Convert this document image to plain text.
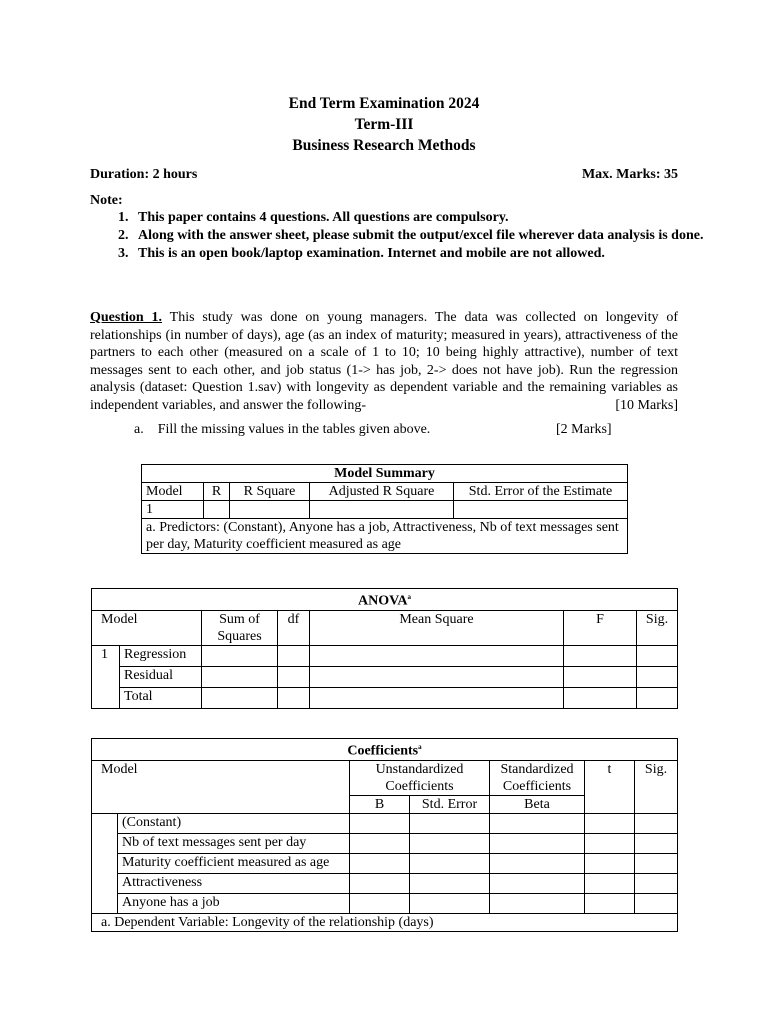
End Term Examination 2024
Term-III
Business Research Methods
Duration: 2 hours	Max. Marks: 35
Note:
1. This paper contains 4 questions. All questions are compulsory.
2. Along with the answer sheet, please submit the output/excel file wherever data analysis is done.
3. This is an open book/laptop examination. Internet and mobile are not allowed.
Question 1. This study was done on young managers. The data was collected on longevity of relationships (in number of days), age (as an index of maturity; measured in years), attractiveness of the partners to each other (measured on a scale of 1 to 10; 10 being highly attractive), number of text messages sent to each other, and job status (1-> has job, 2-> does not have job). Run the regression analysis (dataset: Question 1.sav) with longevity as dependent variable and the remaining variables as independent variables, and answer the following-	[10 Marks]
a. Fill the missing values in the tables given above.	[2 Marks]
Model Summary				
Model	R	R Square	Adjusted R Square	Std. Error of the Estimate
1				
a. Predictors: (Constant), Anyone has a job, Attractiveness, Nb of text messages sent per day, Maturity coefficient measured as age				
ANOVA$^a$
Model		Sum of Squares	df	Mean Square	F	Sig.
1	Regression					
	Residual					
	Total					
Coefficients$^a$
Model		Unstandardized Coefficients		Standardized Coefficients	t	Sig.
		B	Std. Error	Beta		
	(Constant)					
	Nb of text messages sent per day					
	Maturity coefficient measured as age					
	Attractiveness					
	Anyone has a job					
a. Dependent Variable: Longevity of the relationship (days)						
